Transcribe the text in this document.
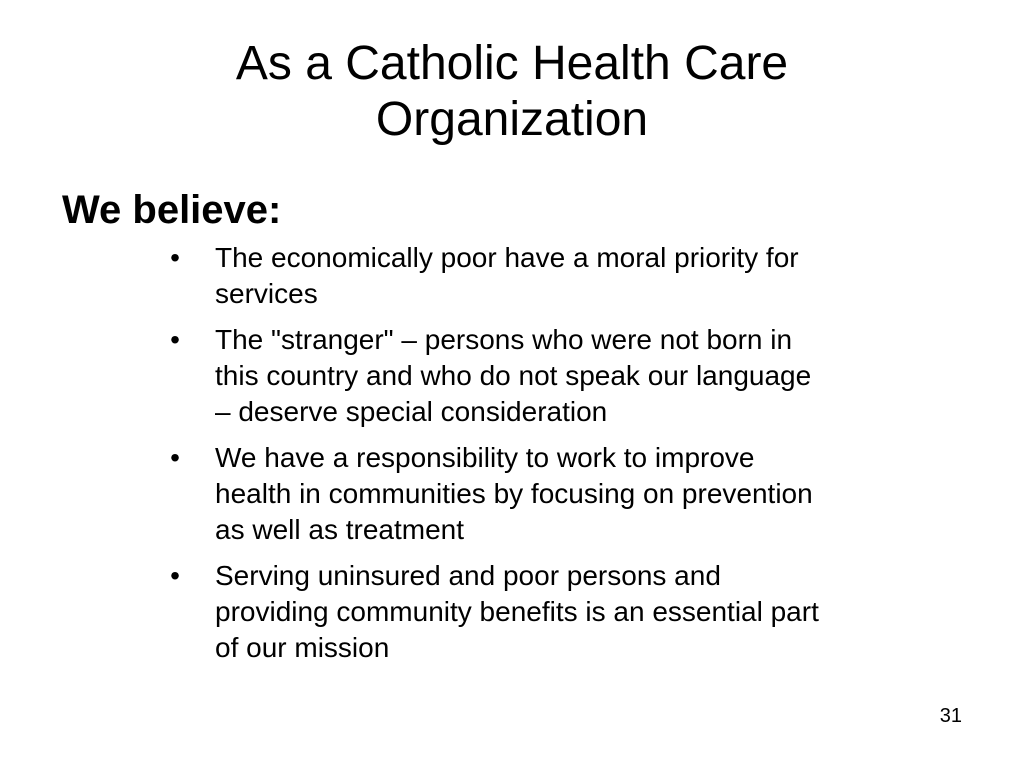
As a Catholic Health Care
Organization
We believe:
• The economically poor have a moral priority for
services
• The "stranger" – persons who were not born in
this country and who do not speak our language
– deserve special consideration
• We have a responsibility to work to improve
health in communities by focusing on prevention
as well as treatment
• Serving uninsured and poor persons and
providing community benefits is an essential part
of our mission
31
